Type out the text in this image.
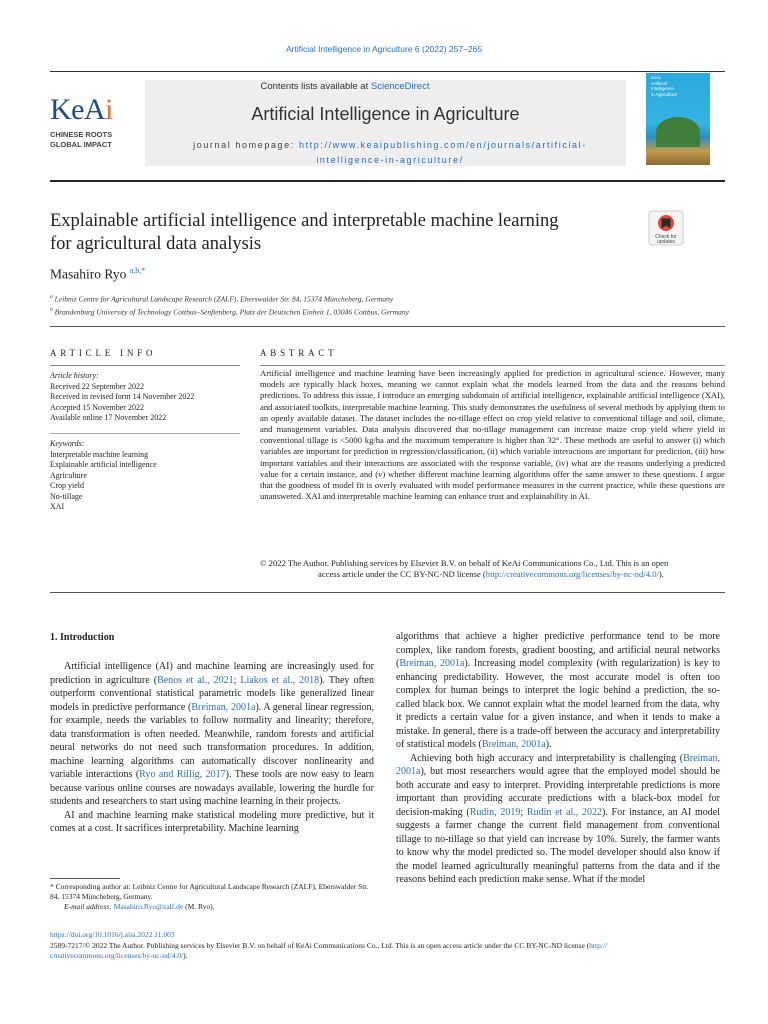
Artificial Intelligence in Agriculture 6 (2022) 257–265
KeAi
CHINESE ROOTS
GLOBAL IMPACT
Contents lists available at ScienceDirect
Artificial Intelligence in Agriculture
journal homepage: http://www.keaipublishing.com/en/journals/artificial-
intelligence-in-agriculture/
KeAi
Artificial
Intelligence
in Agriculture
Explainable artificial intelligence and interpretable machine learning
for agricultural data analysis	Check for
updates
Masahiro Ryo $^{a,b,*}$
$^a$ Leibniz Centre for Agricultural Landscape Research (ZALF), Eberswalder Str. 84, 15374 Müncheberg, Germany
$^b$ Brandenburg University of Technology Cottbus–Senftenberg, Platz der Deutschen Einheit 1, 03046 Cottbus, Germany
ARTICLE INFO
Article history:
Received 22 September 2022
Received in revised form 14 November 2022
Accepted 15 November 2022
Available online 17 November 2022
Keywords:
Interpretable machine learning
Explainable artificial intelligence
Agriculture
Crop yield
No-tillage
XAI
ABSTRACT
Artificial intelligence and machine learning have been increasingly applied for prediction in agricultural science. However, many models are typically black boxes, meaning we cannot explain what the models learned from the data and the reasons behind predictions. To address this issue, I introduce an emerging subdomain of artificial intelligence, explainable artificial intelligence (XAI), and associated toolkits, interpretable machine learning. This study demonstrates the usefulness of several methods by applying them to an openly available dataset. The dataset includes the no-tillage effect on crop yield relative to conventional tillage and soil, climate, and management variables. Data analysis discovered that no-tillage management can increase maize crop yield where yield in conventional tillage is <5000 kg/ha and the maximum temperature is higher than 32°. These methods are useful to answer (i) which variables are important for prediction in regression/classification, (ii) which variable interactions are important for prediction, (iii) how important variables and their interactions are associated with the response variable, (iv) what are the reasons underlying a predicted value for a certain instance, and (v) whether different machine learning algorithms offer the same answer to these questions. I argue that the goodness of model fit is overly evaluated with model performance measures in the current practice, while these questions are unanswered. XAI and interpretable machine learning can enhance trust and explainability in AI.
© 2022 The Author. Publishing services by Elsevier B.V. on behalf of KeAi Communications Co., Ltd. This is an open
access article under the CC BY-NC-ND license (http://creativecommons.org/licenses/by-nc-nd/4.0/).
1. Introduction

Artificial intelligence (AI) and machine learning are increasingly used for prediction in agriculture (Benos et al., 2021; Liakos et al., 2018). They often outperform conventional statistical parametric models like generalized linear models in predictive performance (Breiman, 2001a). A general linear regression, for example, needs the variables to follow normality and linearity; therefore, data transformation is often needed. Meanwhile, random forests and artificial neural networks do not need such transformation procedures. In addition, machine learning algorithms can automatically discover nonlinearity and variable interactions (Ryo and Rillig, 2017). These tools are now easy to learn because various online courses are nowadays available, lowering the hurdle for students and researchers to start using machine learning in their projects.

AI and machine learning make statistical modeling more predictive, but it comes at a cost. It sacrifices interpretability. Machine learning

algorithms that achieve a higher predictive performance tend to be more complex, like random forests, gradient boosting, and artificial neural networks (Breiman, 2001a). Increasing model complexity (with regularization) is key to enhancing predictability. However, the most accurate model is often too complex for human beings to interpret the logic behind a prediction, the so-called black box. We cannot explain what the model learned from the data, why it predicts a certain value for a given instance, and when it tends to make a mistake. In general, there is a trade-off between the accuracy and interpretability of statistical models (Breiman, 2001a).

Achieving both high accuracy and interpretability is challenging (Breiman, 2001a), but most researchers would agree that the employed model should be both accurate and easy to interpret. Providing interpretable predictions is more important than providing accurate predictions with a black-box model for decision-making (Rudin, 2019; Rudin et al., 2022). For instance, an AI model suggests a farmer change the current field management from conventional tillage to no-tillage so that yield can increase by 10%. Surely, the farmer wants to know why the model predicted so. The model developer should also know if the model learned agriculturally meaningful patterns from the data and if the reasons behind each prediction make sense. What if the model

* Corresponding author at: Leibniz Centre for Agricultural Landscape Research (ZALF), Eberswalder Str. 84, 15374 Müncheberg, Germany.
E-mail address: Masahiro.Ryo@zalf.de (M. Ryo).
https://doi.org/10.1016/j.aiia.2022.11.003
2589-7217/© 2022 The Author. Publishing services by Elsevier B.V. on behalf of KeAi Communications Co., Ltd. This is an open access article under the CC BY-NC-ND license (http://
creativecommons.org/licenses/by-nc-nd/4.0/).
